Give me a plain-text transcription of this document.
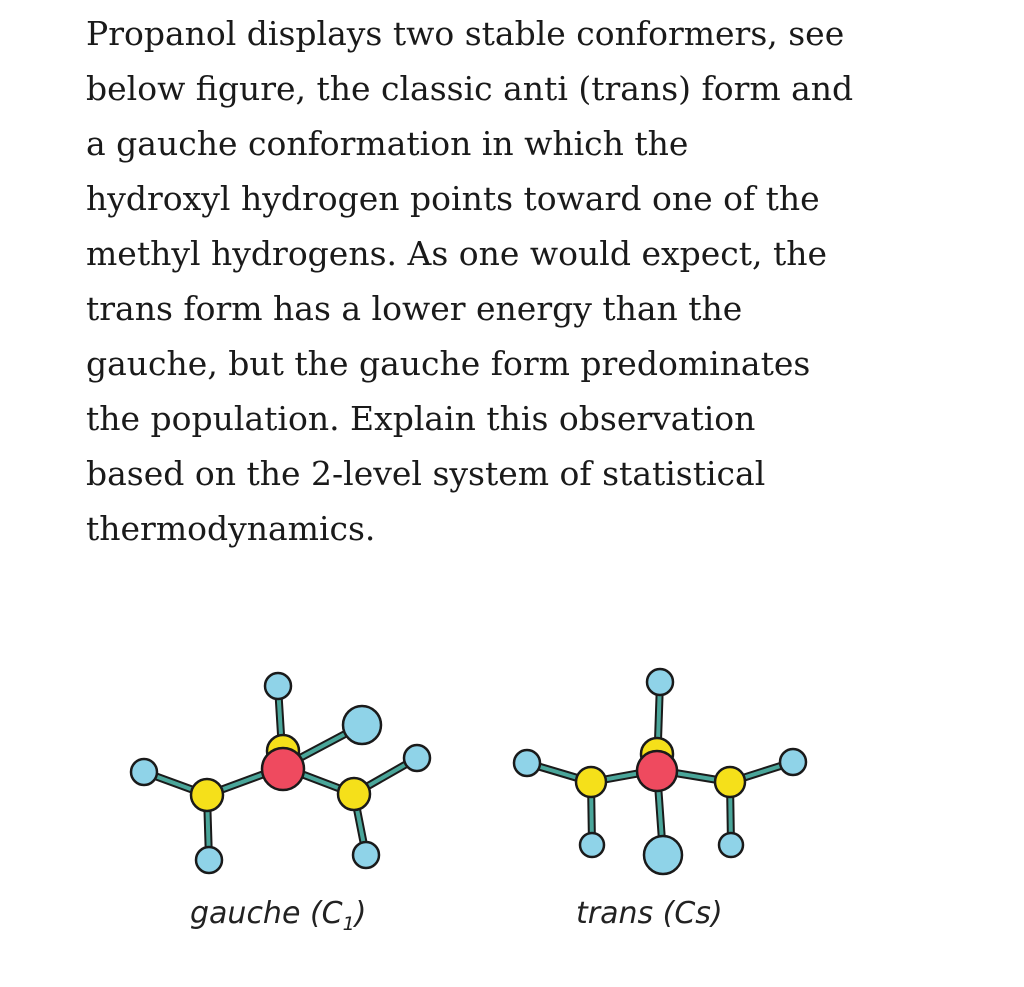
Propanol displays two stable conformers, see
below figure, the classic anti (trans) form and
a gauche conformation in which the
hydroxyl hydrogen points toward one of the
methyl hydrogens. As one would expect, the
trans form has a lower energy than the
gauche, but the gauche form predominates
the population. Explain this observation
based on the 2-level system of statistical
thermodynamics.
gauche $(C_1)$	trans (Cs)
